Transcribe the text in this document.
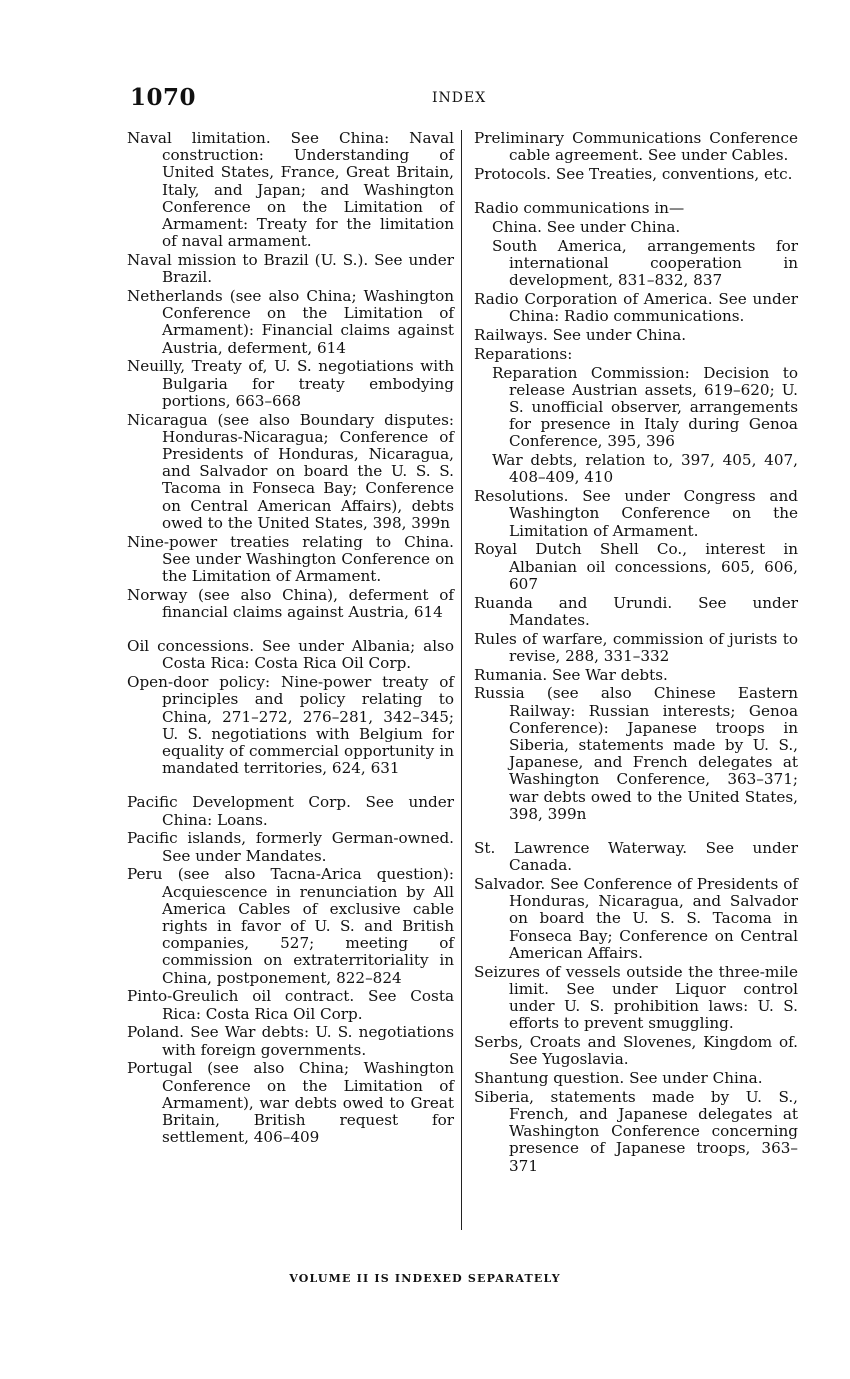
1070	INDEX

Naval limitation. See China: Naval construction: Understanding of United States, France, Great Britain, Italy, and Japan; and Washington Conference on the Limitation of Armament: Treaty for the limitation of naval armament.

Naval mission to Brazil (U. S.). See under Brazil.

Netherlands (see also China; Washington Conference on the Limitation of Armament): Financial claims against Austria, deferment, 614

Neuilly, Treaty of, U. S. negotiations with Bulgaria for treaty embodying portions, 663–668

Nicaragua (see also Boundary disputes: Honduras-Nicaragua; Conference of Presidents of Honduras, Nicaragua, and Salvador on board the U. S. S. Tacoma in Fonseca Bay; Conference on Central American Affairs), debts owed to the United States, 398, 399n

Nine-power treaties relating to China. See under Washington Conference on the Limitation of Armament.

Norway (see also China), deferment of financial claims against Austria, 614

Oil concessions. See under Albania; also Costa Rica: Costa Rica Oil Corp.

Open-door policy: Nine-power treaty of principles and policy relating to China, 271–272, 276–281, 342–345; U. S. negotiations with Belgium for equality of commercial opportunity in mandated territories, 624, 631

Pacific Development Corp. See under China: Loans.

Pacific islands, formerly German-owned. See under Mandates.

Peru (see also Tacna-Arica question): Acquiescence in renunciation by All America Cables of exclusive cable rights in favor of U. S. and British companies, 527; meeting of commission on extraterritoriality in China, postponement, 822–824

Pinto-Greulich oil contract. See Costa Rica: Costa Rica Oil Corp.

Poland. See War debts: U. S. negotiations with foreign governments.

Portugal (see also China; Washington Conference on the Limitation of Armament), war debts owed to Great Britain, British request for settlement, 406–409

Preliminary Communications Conference cable agreement. See under Cables.

Protocols. See Treaties, conventions, etc.

Radio communications in—

China. See under China.

South America, arrangements for international cooperation in development, 831–832, 837

Radio Corporation of America. See under China: Radio communications.

Railways. See under China.

Reparations:

Reparation Commission: Decision to release Austrian assets, 619–620; U. S. unofficial observer, arrangements for presence in Italy during Genoa Conference, 395, 396

War debts, relation to, 397, 405, 407, 408–409, 410

Resolutions. See under Congress and Washington Conference on the Limitation of Armament.

Royal Dutch Shell Co., interest in Albanian oil concessions, 605, 606, 607

Ruanda and Urundi. See under Mandates.

Rules of warfare, commission of jurists to revise, 288, 331–332

Rumania. See War debts.

Russia (see also Chinese Eastern Railway: Russian interests; Genoa Conference): Japanese troops in Siberia, statements made by U. S., Japanese, and French delegates at Washington Conference, 363–371; war debts owed to the United States, 398, 399n

St. Lawrence Waterway. See under Canada.

Salvador. See Conference of Presidents of Honduras, Nicaragua, and Salvador on board the U. S. S. Tacoma in Fonseca Bay; Conference on Central American Affairs.

Seizures of vessels outside the three-mile limit. See under Liquor control under U. S. prohibition laws: U. S. efforts to prevent smuggling.

Serbs, Croats and Slovenes, Kingdom of. See Yugoslavia.

Shantung question. See under China.

Siberia, statements made by U. S., French, and Japanese delegates at Washington Conference concerning presence of Japanese troops, 363–371

VOLUME II IS INDEXED SEPARATELY
